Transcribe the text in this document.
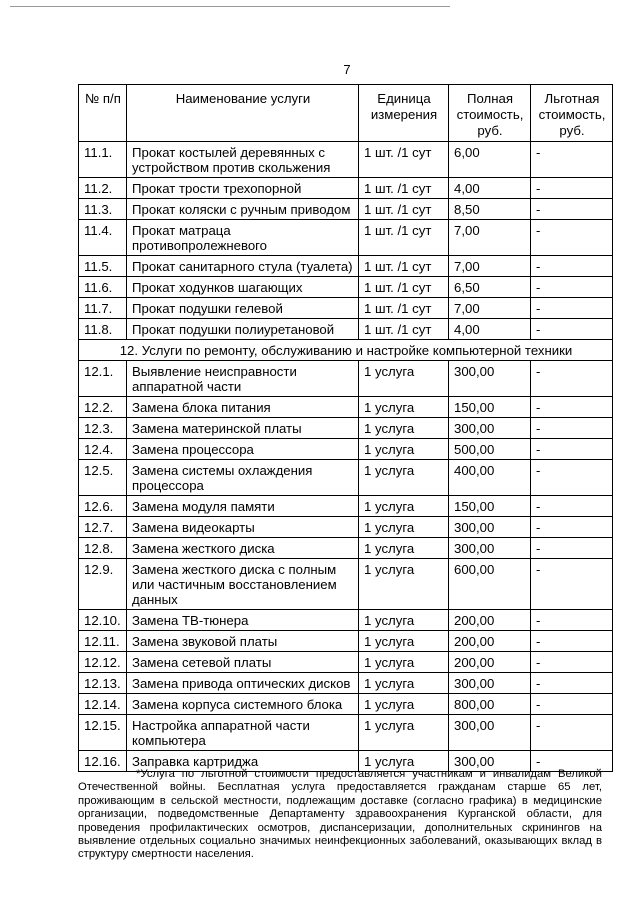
7
№ п/п	Наименование услуги	Единица измерения	Полная стоимость, руб.	Льготная стоимость, руб.
11.1.	Прокат костылей деревянных с устройством против скольжения	1 шт. /1 сут	6,00	-
11.2.	Прокат трости трехопорной	1 шт. /1 сут	4,00	-
11.3.	Прокат коляски с ручным приводом	1 шт. /1 сут	8,50	-
11.4.	Прокат матраца противопролежневого	1 шт. /1 сут	7,00	-
11.5.	Прокат санитарного стула (туалета)	1 шт. /1 сут	7,00	-
11.6.	Прокат ходунков шагающих	1 шт. /1 сут	6,50	-
11.7.	Прокат подушки гелевой	1 шт. /1 сут	7,00	-
11.8.	Прокат подушки полиуретановой	1 шт. /1 сут	4,00	-
12. Услуги по ремонту, обслуживанию и настройке компьютерной техники				
12.1.	Выявление неисправности аппаратной части	1 услуга	300,00	-
12.2.	Замена блока питания	1 услуга	150,00	-
12.3.	Замена материнской платы	1 услуга	300,00	-
12.4.	Замена процессора	1 услуга	500,00	-
12.5.	Замена системы охлаждения процессора	1 услуга	400,00	-
12.6.	Замена модуля памяти	1 услуга	150,00	-
12.7.	Замена видеокарты	1 услуга	300,00	-
12.8.	Замена жесткого диска	1 услуга	300,00	-
12.9.	Замена жесткого диска с полным или частичным восстановлением данных	1 услуга	600,00	-
12.10.	Замена ТВ-тюнера	1 услуга	200,00	-
12.11.	Замена звуковой платы	1 услуга	200,00	-
12.12.	Замена сетевой платы	1 услуга	200,00	-
12.13.	Замена привода оптических дисков	1 услуга	300,00	-
12.14.	Замена корпуса системного блока	1 услуга	800,00	-
12.15.	Настройка аппаратной части компьютера	1 услуга	300,00	-
12.16.	Заправка картриджа	1 услуга	300,00	-
*Услуга по льготной стоимости предоставляется участникам и инвалидам Великой Отечественной войны. Бесплатная услуга предоставляется гражданам старше 65 лет, проживающим в сельской местности, подлежащим доставке (согласно графика) в медицинские организации, подведомственные Департаменту здравоохранения Курганской области, для проведения профилактических осмотров, диспансеризации, дополнительных скринингов на выявление отдельных социально значимых неинфекционных заболеваний, оказывающих вклад в структуру смертности населения.
